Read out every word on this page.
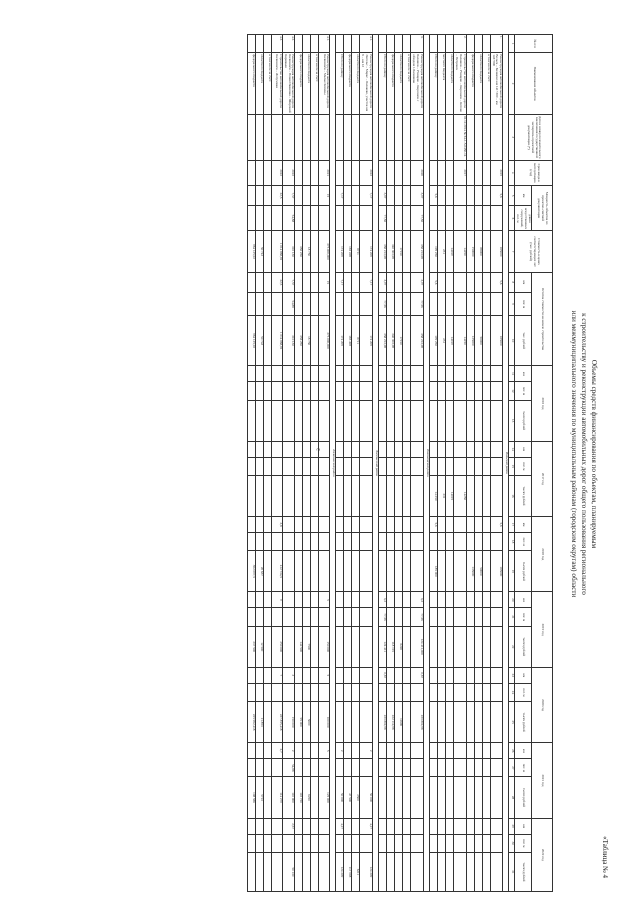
2
«Таблица № 4
Объемы средств финансирования по объектам, планируемым
к строительству и реконструкции автомобильных дорог общего пользования регионального
или межмуниципального значения по муниципальным районам (городским округам) области
№ п/п	Наименование объектов	Дата и номер положительного заключения государственной экспертизы проектной документации (*)	Срок ввода в эксплуатацию (год)	Мощность объектов по проектно-сметной документации		Стоимость в ценах соответствующих лет (тыс. рублей)	Остаток стоимости на начало строительства			2016 год			2017 год			2018 год			2019 год			2020 год			2021 год			2022 год		
				км	длина искусственных сооружений, пог. м		км	пог. м	тыс. рублей	км	пог. м	тысяч рублей	км	пог. м	тысяч рублей	км	пог. м	тысяч рублей	км	пог. м	тысяч рублей	км	пог. м	тысяч рублей	км	пог. м	тысяч рублей	км	пог. м	тысяч рублей

1	2	3	4	5	6	7	8	9	10	11	12	13	14	15	16	17	18	19	20	21	22	23	24	25	26	27	28	29	30	31
Вольский район																														
1.	Реконструкция автомобильной дороги Вольск – Балаково км 141+300 – км 146+900		2019	5,6		185000	5,6		185000							5,6		185000												
	в том числе за счет:																													
	областного бюджета					88000			50000									50000												
	федерального бюджета					150000			135000									135000												
2.	Строительство автомобильной дороги Балашов – Ртищево – Кирсанов – Котово – Петровск	02.12.2014 № 64-1-5-0450-14	2017			14250			14250						14250															
	областного бюджета					14019			14019						14019															
	местного бюджета					231			231						231															
	Итого по району			5,6		199 250	5,6		199 250						14 250	5,6		185 000												
Балашовский район																														
3.	Реконструкция автомобильной дороги Балашов – Ртищево – Кирсанов с обходом г. Балашова		2020	3,97	77,56	358 213,98	3,97	77,56	358 213,98										3,3	77,56	124 411,000	0,67		233 802,98						
	в том числе за счет:																													
	областного бюджета					17910			17910												6220			11690						
	федерального бюджета					340 303,98			340 303,98												118 191			222 112,98						
	Итого по району			3,97	77,56	358 213,98	3,97	77,56	358 213,98										3,3	77,56	124 411	0,67		233 802,98						
Энгельсский район																														
4.1.	Реконструкция автомобильной дороги Энгельс – Маркс – Балаково, участок км 6 – км 12		2022	7,17		174 209	7,17		174 209																2		50 000	4,17		124 209
	областного бюджета					8711			8711																		2500			6211
	федерального бюджета					165 498			165 498																		47 500			117 998
	Итого по району			7,17		174 209	7,17		174 209																2		50 000	4,17		124 209
Калининский район																														
4.1.	Реконструкция автомобильной дороги Калининск – Малые Копены		2021	15		375 000,000	15		375 000,000										5		150 000	5		100 000	5		125 000			
	в том числе за счет:																													
	областного бюджета					18 750			18 750												7500			5000			6250			
	федерального бюджета					356 250			356 250												142 500			95 000			118 750			
4.2.	Реконструкция автомобильной дороги Калининск – Новая Ивановка – Широкий Карамыш		2022	7,57	54,88	310 130	7,57	54,88	310 130													3		150 000	2	54,88	110 000	2,57		50 130
4.3.	Строительство автомобильной дороги Калининск – Лопуховка		2022	22,5		1 014 868,92	22,5		1 014 868,92							3,8		412 734,5	9		250 000	7		237 855,418	2,7		114 279			
	в том числе за счет:																													
	областного бюджета					50 743			50 743									20 637			12 500			11 893			5713			
	федерального бюджета					964 125,92			964 125,92									392 097,5			237 500			225 962,418			108 566			
